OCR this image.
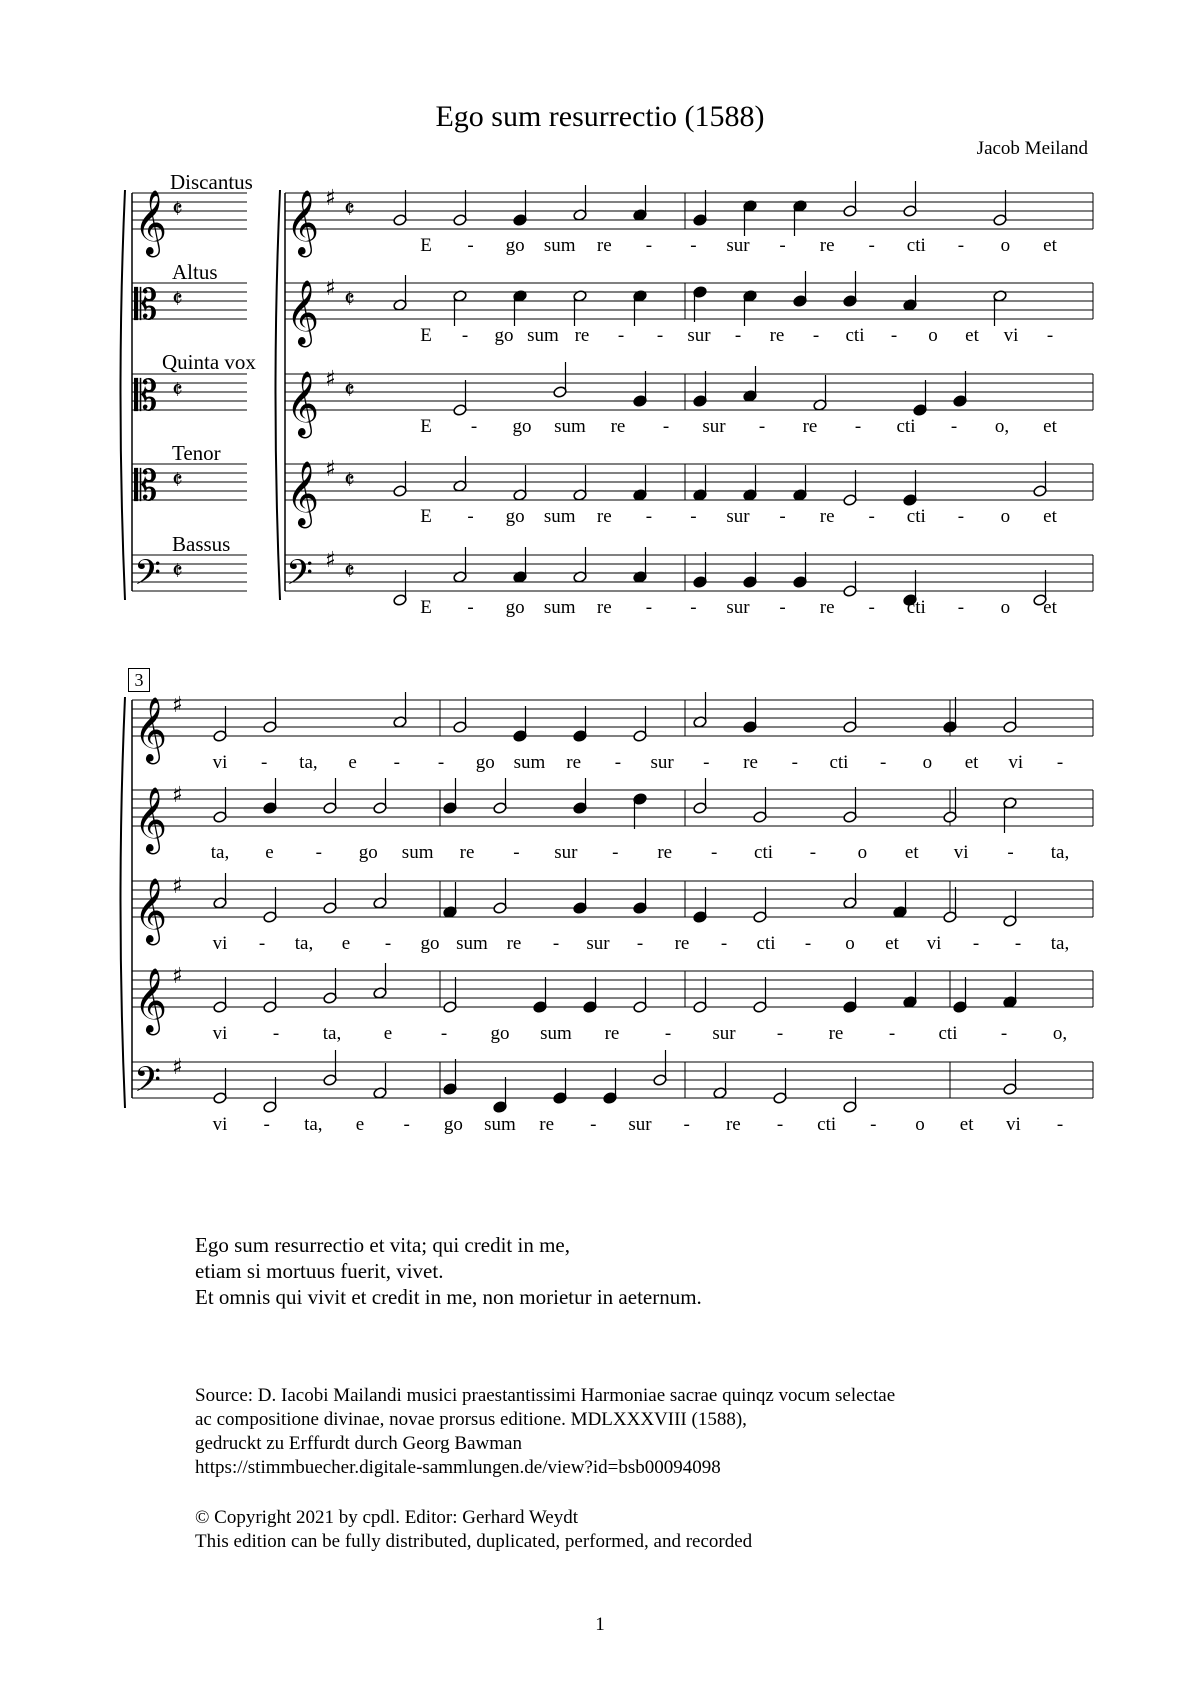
Ego sum resurrectio (1588)
Jacob Meiland
Discantus
Altus
Quinta vox
Tenor
Bassus
3
𝄞 𝄵 𝄞 ♯ 𝄵
𝄡 𝄵 𝄞 ♯ 𝄵
𝄡 𝄵 𝄞 ♯ 𝄵
𝄡 𝄵 𝄞 ♯ 𝄵
𝄢 𝄵 𝄢 ♯ 𝄵
𝄞 ♯
𝄞 ♯
𝄞 ♯
𝄞 ♯
𝄢 ♯
E - go sum re - - sur - re - cti - o et
E - go sum re - - sur - re - cti - o et vi -
E - go sum re - sur - re - cti - o, et
E - go sum re - - sur - re - cti - o et
E - go sum re - - sur - re - cti - o et
vi - ta, e - - go sum re - sur - re - cti - o et vi -
ta, e - go sum re - sur - re - cti - o et vi - ta,
vi - ta, e - go sum re - sur - re - cti - o et vi - - ta,
vi - ta, e	- go sum re - sur - re - cti - o,
vi - ta, e - go sum re - sur - re - cti - o et vi -
Ego sum resurrectio et vita; qui credit in me,
etiam si mortuus fuerit, vivet.
Et omnis qui vivit et credit in me, non morietur in aeternum.
Source: D. Iacobi Mailandi musici praestantissimi Harmoniae sacrae quinqz vocum selectae
ac compositione divinae, novae prorsus editione. MDLXXXVIII (1588),
gedruckt zu Erffurdt durch Georg Bawman
https://stimmbuecher.digitale-sammlungen.de/view?id=bsb00094098
© Copyright 2021 by cpdl. Editor: Gerhard Weydt
This edition can be fully distributed, duplicated, performed, and recorded
1
